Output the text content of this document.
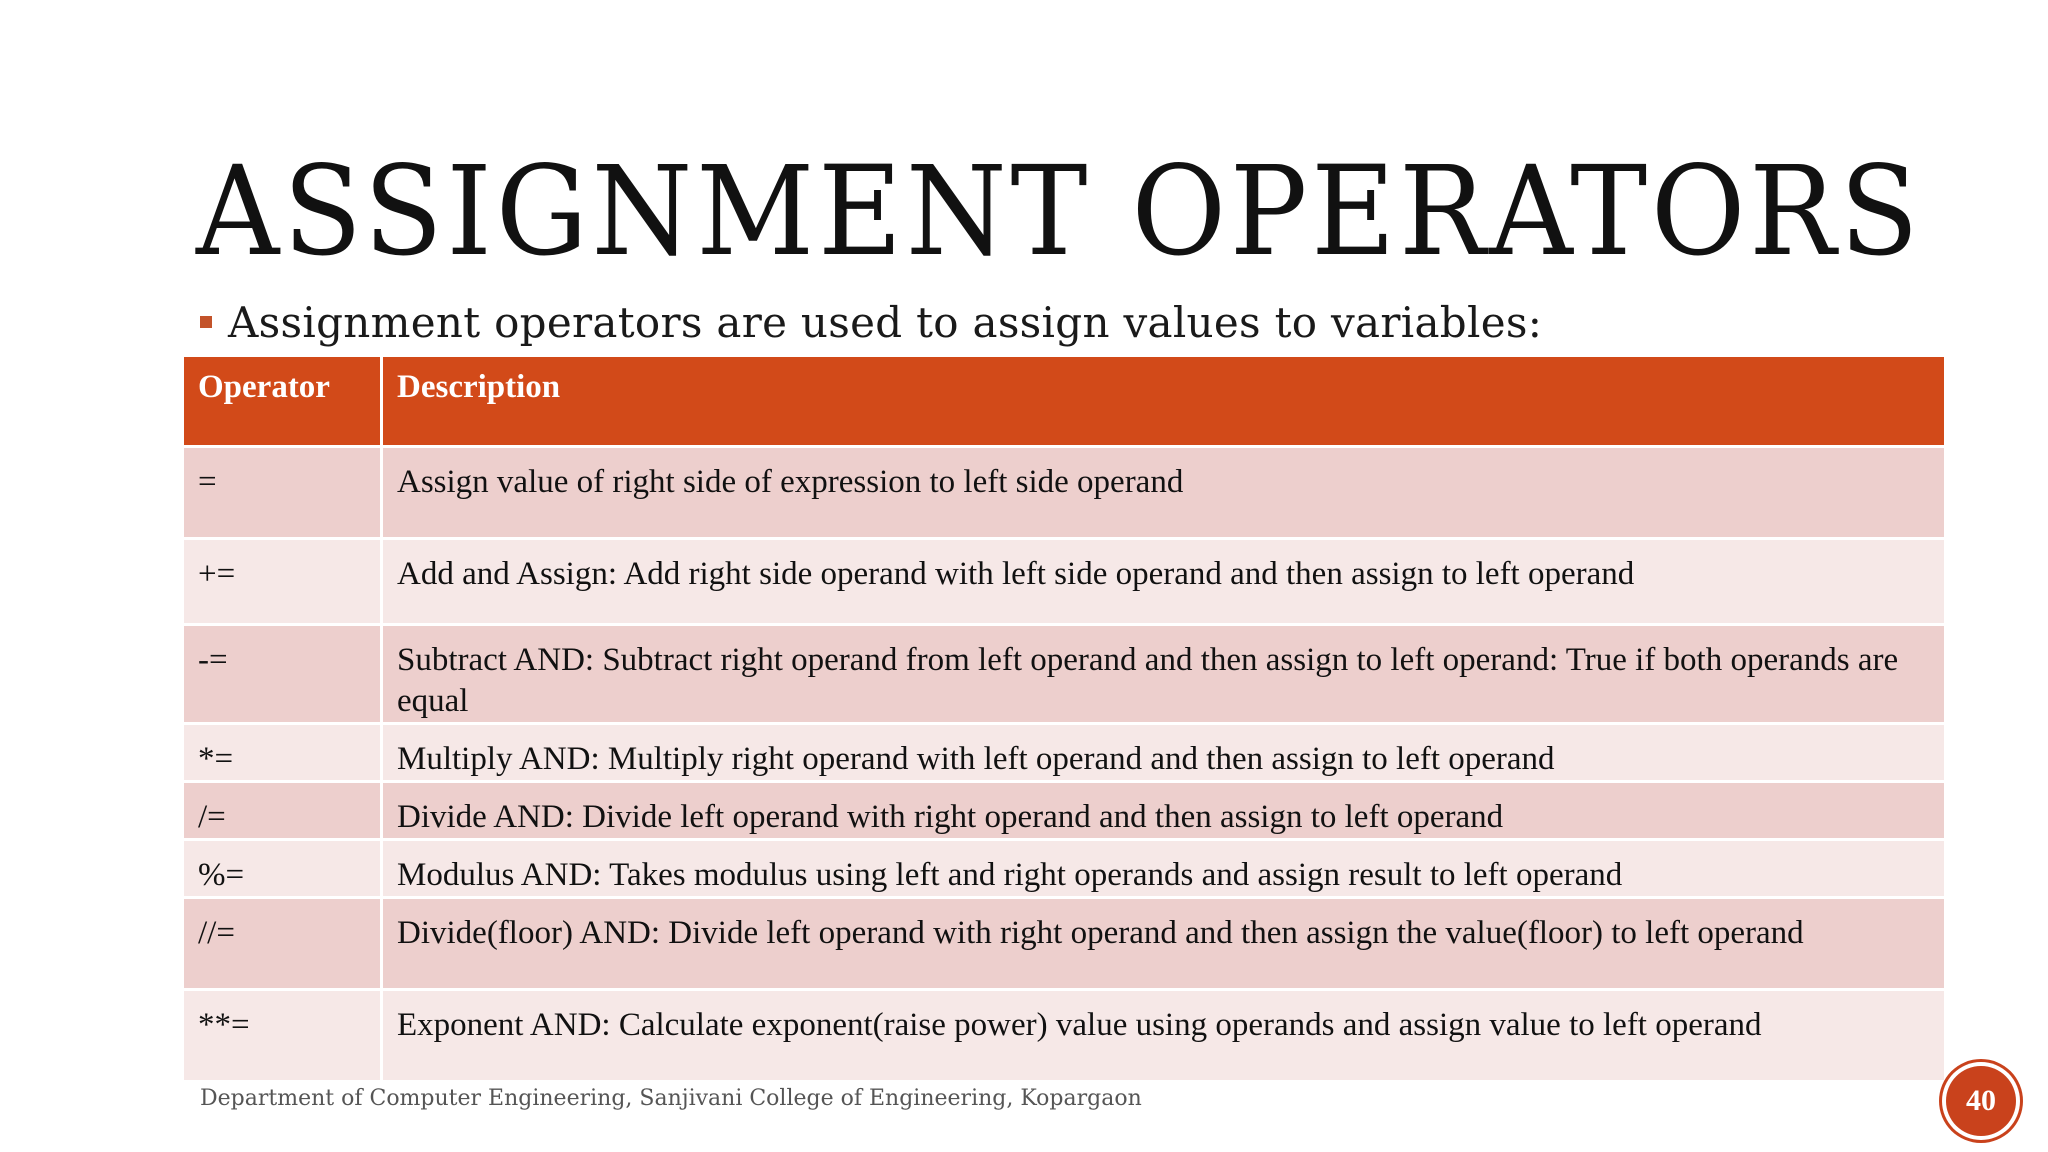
ASSIGNMENT OPERATORS
Assignment operators are used to assign values to variables:
Operator	Description
=	Assign value of right side of expression to left side operand
+=	Add and Assign: Add right side operand with left side operand and then assign to left operand
-=	Subtract AND: Subtract right operand from left operand and then assign to left operand: True if both operands are equal
*=	Multiply AND: Multiply right operand with left operand and then assign to left operand
/=	Divide AND: Divide left operand with right operand and then assign to left operand
%=	Modulus AND: Takes modulus using left and right operands and assign result to left operand
//=	Divide(floor) AND: Divide left operand with right operand and then assign the value(floor) to left operand
**=	Exponent AND: Calculate exponent(raise power) value using operands and assign value to left operand
Department of Computer Engineering, Sanjivani College of Engineering, Kopargaon	40
